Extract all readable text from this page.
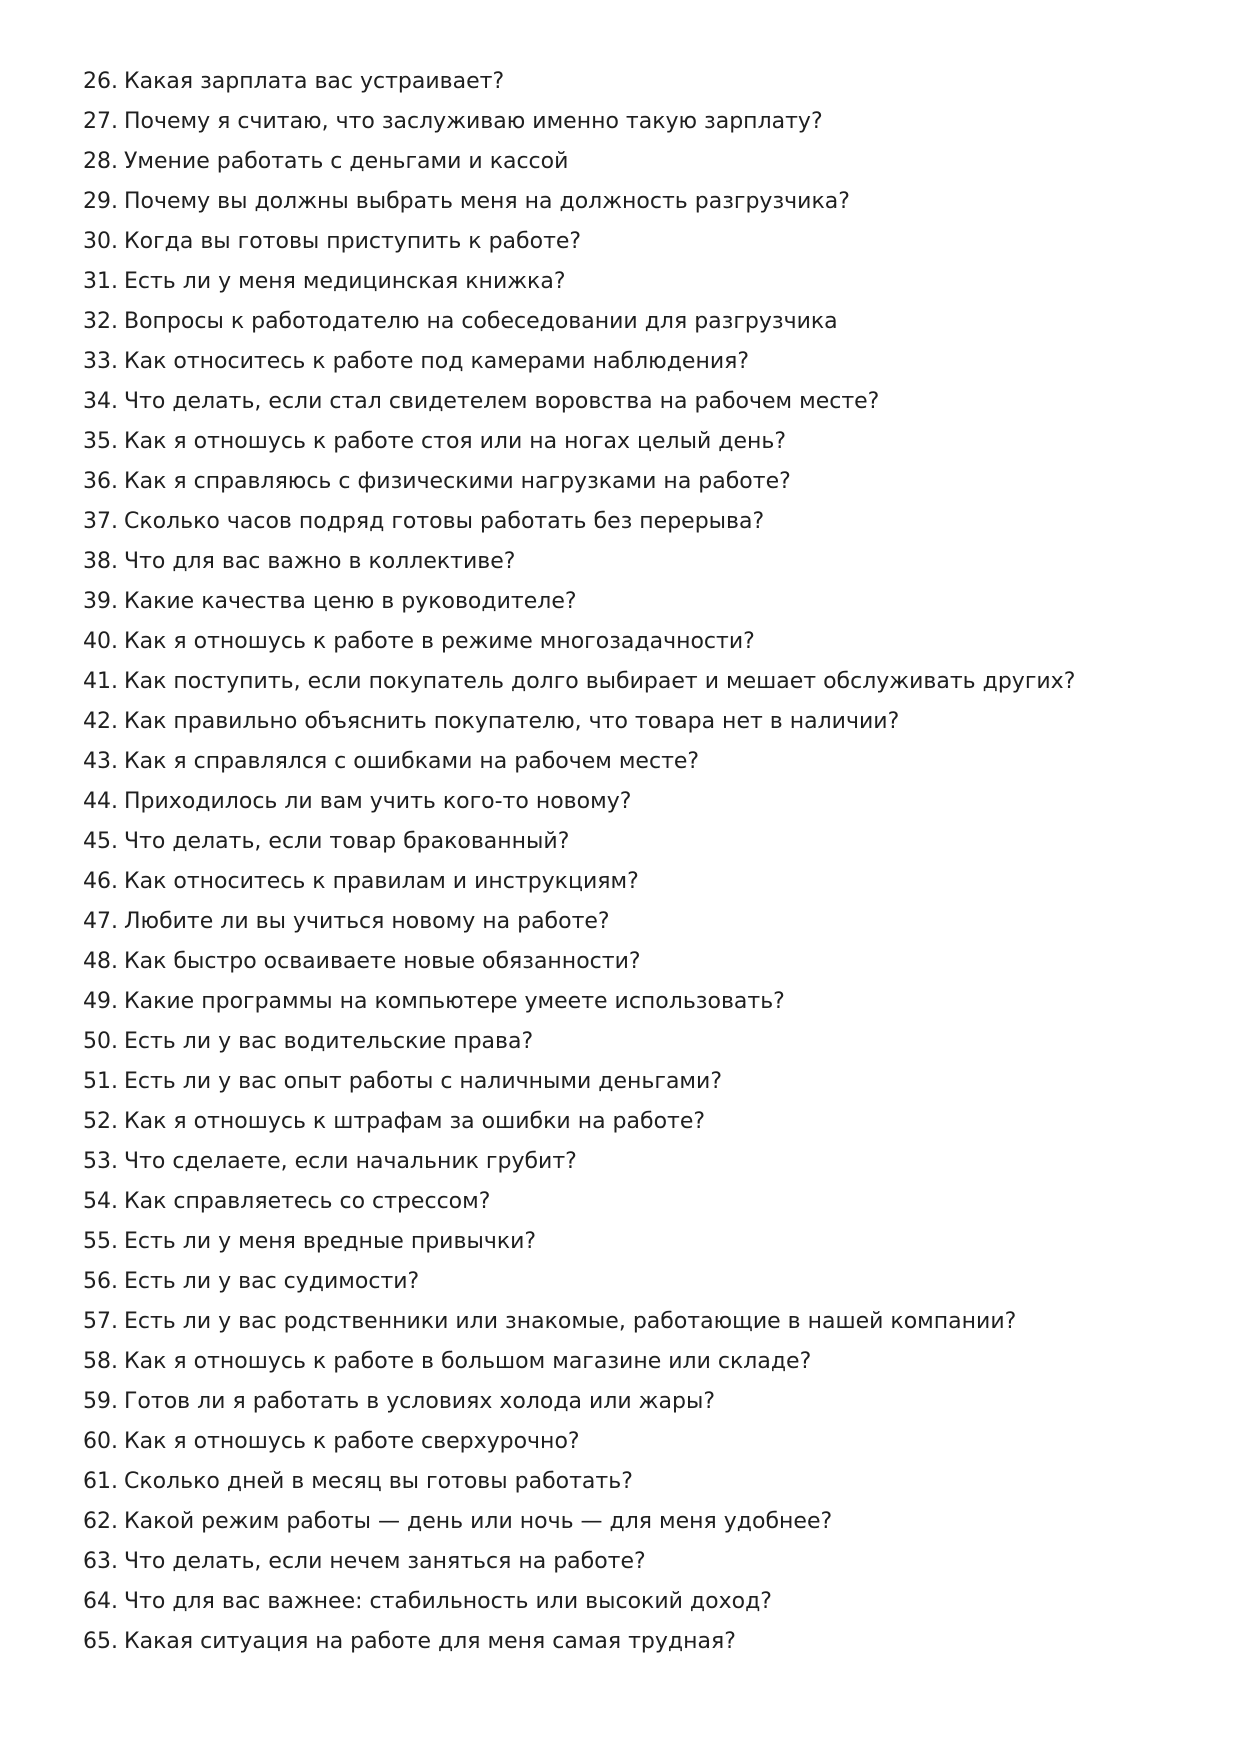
26. Какая зарплата вас устраивает?
27. Почему я считаю, что заслуживаю именно такую зарплату?
28. Умение работать с деньгами и кассой
29. Почему вы должны выбрать меня на должность разгрузчика?
30. Когда вы готовы приступить к работе?
31. Есть ли у меня медицинская книжка?
32. Вопросы к работодателю на собеседовании для разгрузчика
33. Как относитесь к работе под камерами наблюдения?
34. Что делать, если стал свидетелем воровства на рабочем месте?
35. Как я отношусь к работе стоя или на ногах целый день?
36. Как я справляюсь с физическими нагрузками на работе?
37. Сколько часов подряд готовы работать без перерыва?
38. Что для вас важно в коллективе?
39. Какие качества ценю в руководителе?
40. Как я отношусь к работе в режиме многозадачности?
41. Как поступить, если покупатель долго выбирает и мешает обслуживать других?
42. Как правильно объяснить покупателю, что товара нет в наличии?
43. Как я справлялся с ошибками на рабочем месте?
44. Приходилось ли вам учить кого-то новому?
45. Что делать, если товар бракованный?
46. Как относитесь к правилам и инструкциям?
47. Любите ли вы учиться новому на работе?
48. Как быстро осваиваете новые обязанности?
49. Какие программы на компьютере умеете использовать?
50. Есть ли у вас водительские права?
51. Есть ли у вас опыт работы с наличными деньгами?
52. Как я отношусь к штрафам за ошибки на работе?
53. Что сделаете, если начальник грубит?
54. Как справляетесь со стрессом?
55. Есть ли у меня вредные привычки?
56. Есть ли у вас судимости?
57. Есть ли у вас родственники или знакомые, работающие в нашей компании?
58. Как я отношусь к работе в большом магазине или складе?
59. Готов ли я работать в условиях холода или жары?
60. Как я отношусь к работе сверхурочно?
61. Сколько дней в месяц вы готовы работать?
62. Какой режим работы — день или ночь — для меня удобнее?
63. Что делать, если нечем заняться на работе?
64. Что для вас важнее: стабильность или высокий доход?
65. Какая ситуация на работе для меня самая трудная?
